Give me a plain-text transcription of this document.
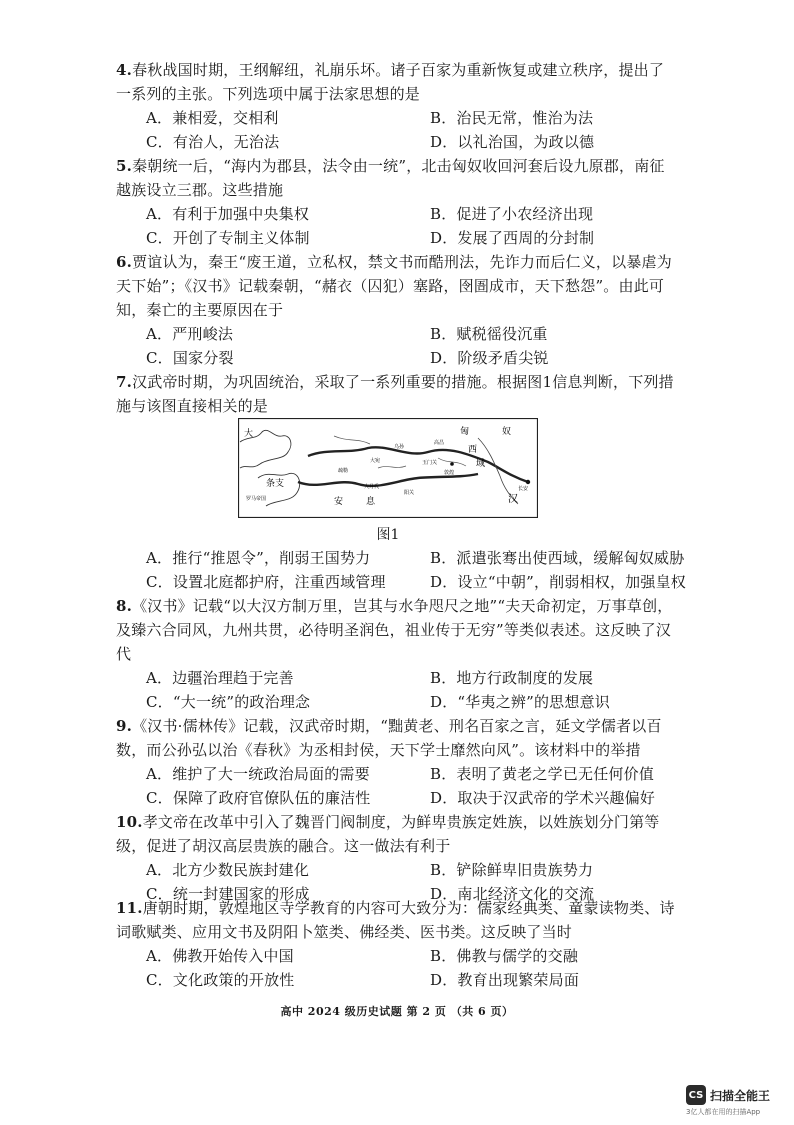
4.春秋战国时期，王纲解纽，礼崩乐坏。诸子百家为重新恢复或建立秩序，提出了一系列的主张。下列选项中属于法家思想的是

A．兼相爱，交相利	B．治民无常，惟治为法
C．有治人，无治法	D．以礼治国，为政以德

5.秦朝统一后，“海内为郡县，法令由一统”，北击匈奴收回河套后设九原郡，南征越族设立三郡。这些措施

A．有利于加强中央集权	B．促进了小农经济出现
C．开创了专制主义体制	D．发展了西周的分封制

6.贾谊认为，秦王“废王道，立私权，禁文书而酷刑法，先诈力而后仁义，以暴虐为天下始”；《汉书》记载秦朝，“赭衣（囚犯）塞路，囹圄成市，天下愁怨”。由此可知，秦亡的主要原因在于

A．严刑峻法	B．赋税徭役沉重
C．国家分裂	D．阶级矛盾尖锐

7.汉武帝时期，为巩固统治，采取了一系列重要的措施。根据图1信息判断，下列措施与该图直接相关的是

匈	奴
西
域
汉
安	息
大宛
大月氏
乌孙
长安
玉门关
敦煌
阳关
条支
大
罗马帝国
疏勒
高昌
图1
A．推行“推恩令”，削弱王国势力	B．派遣张骞出使西域，缓解匈奴威胁
C．设置北庭都护府，注重西域管理	D．设立“中朝”，削弱相权，加强皇权

8.《汉书》记载“以大汉方制万里，岂其与水争咫尺之地”“夫天命初定，万事草创，及臻六合同风，九州共贯，必待明圣润色，祖业传于无穷”等类似表述。这反映了汉代

A．边疆治理趋于完善	B．地方行政制度的发展
C．“大一统”的政治理念	D．“华夷之辨”的思想意识

9.《汉书·儒林传》记载，汉武帝时期，“黜黄老、刑名百家之言，延文学儒者以百数，而公孙弘以治《春秋》为丞相封侯，天下学士靡然向风”。该材料中的举措

A．维护了大一统政治局面的需要	B．表明了黄老之学已无任何价值
C．保障了政府官僚队伍的廉洁性	D．取决于汉武帝的学术兴趣偏好

10.孝文帝在改革中引入了魏晋门阀制度，为鲜卑贵族定姓族，以姓族划分门第等级，促进了胡汉高层贵族的融合。这一做法有利于

A．北方少数民族封建化	B．铲除鲜卑旧贵族势力
C．统一封建国家的形成	D．南北经济文化的交流

11.唐朝时期，敦煌地区寺学教育的内容可大致分为：儒家经典类、童蒙读物类、诗词歌赋类、应用文书及阴阳卜筮类、佛经类、医书类。这反映了当时

A．佛教开始传入中国	B．佛教与儒学的交融
C．文化政策的开放性	D．教育出现繁荣局面
高中 2024 级历史试题 第 2 页 （共 6 页）
CS 扫描全能王
3亿人都在用的扫描App
